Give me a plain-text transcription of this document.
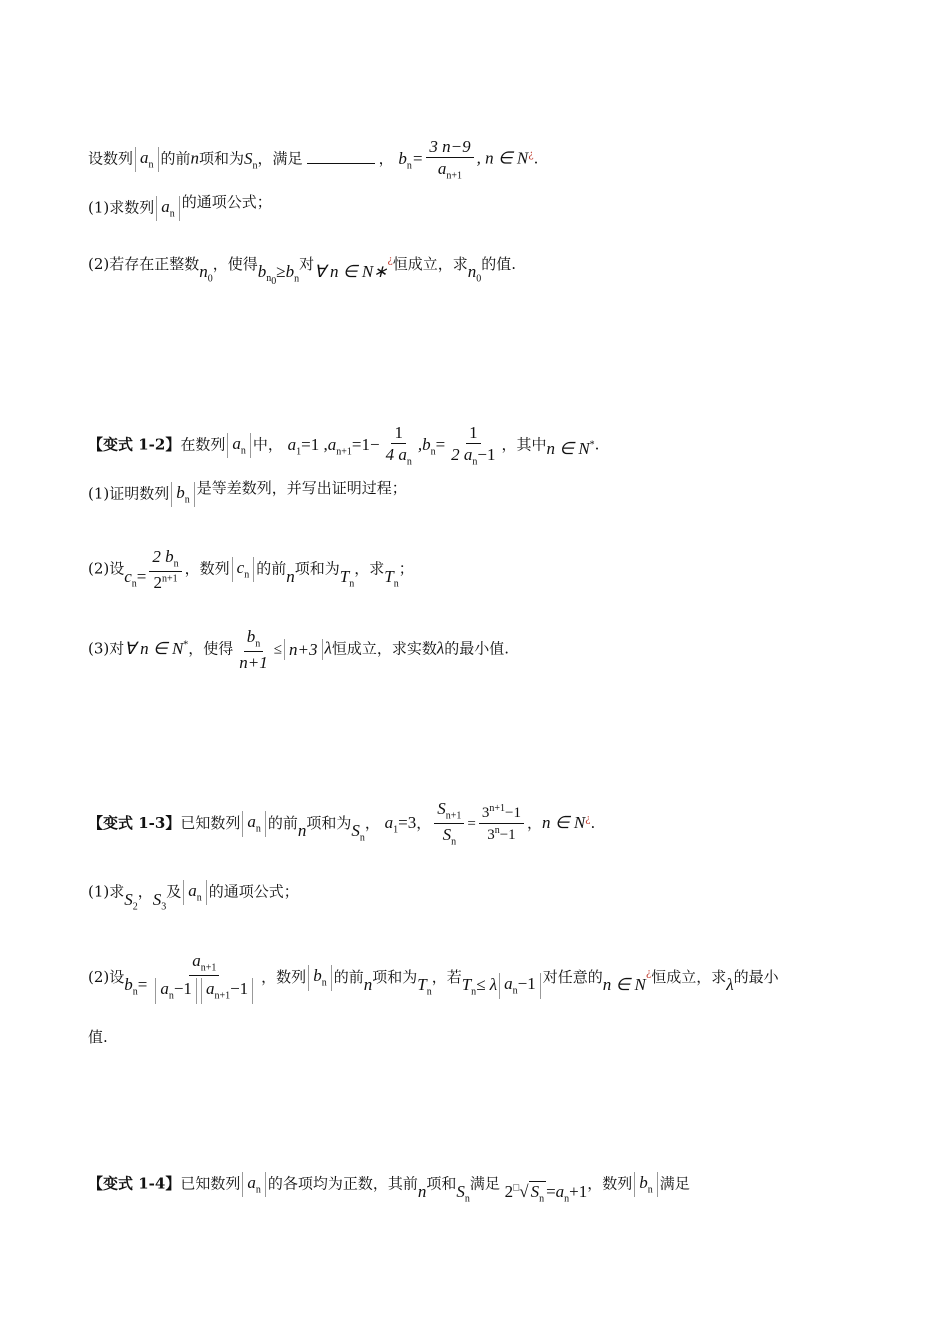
设数列 $a_n$ 的前n项和为$S_n$，满足	， $b_n= \frac{3 n-9}{a_{n+1}}$ , n ∈ N¿.
(1)求数列 $a_n$的通项公式；
(2)若存在正整数$n_0$，使得$b_{n_0}\ge b_n$对∀ n ∈ N∗¿恒成立，求$n_0$的值.
【变式 1-2】在数列 $a_n$ 中， $a_1=1$ $,a_{n+1}=1- \frac{1}{4 a_n} ,b_n= \frac{1}{2 a_n-1}$ ，其中n ∈ N*.
(1)证明数列 $b_n$是等差数列，并写出证明过程；
(2)设$c_n= \frac{2 b_n}{2^{n+1}}$ ，数列 $c_n$ 的前n项和为$T_n$，求$T_n$；
(3)对∀ n ∈ N*，使得 $\frac{b_n}{n+1} \le n+3$ λ恒成立，求实数λ的最小值.
【变式 1-3】已知数列 $a_n$ 的前n项和为$S_n$， $a_1=3$， $\frac{S_{n+1}}{S_n} = \frac{3^{n+1}-1}{3^n-1}$ ，n ∈ N¿.
(1)求$S_2$，$S_3$及 $a_n$ 的通项公式；
(2)设$b_n= \frac{a_{n+1}}{a_n-1 a_{n+1}-1}$ ，数列 $b_n$ 的前n项和为$T_n$，若$T_n\le \lambda$ $a_n-1$ 对任意的n ∈ N¿恒成立，求λ的最小
值.
【变式 1-4】已知数列 $a_n$ 的各项均为正数，其前n项和$S_n$满足 2□√ $S_n =a_n+1$，数列 $b_n$ 满足
